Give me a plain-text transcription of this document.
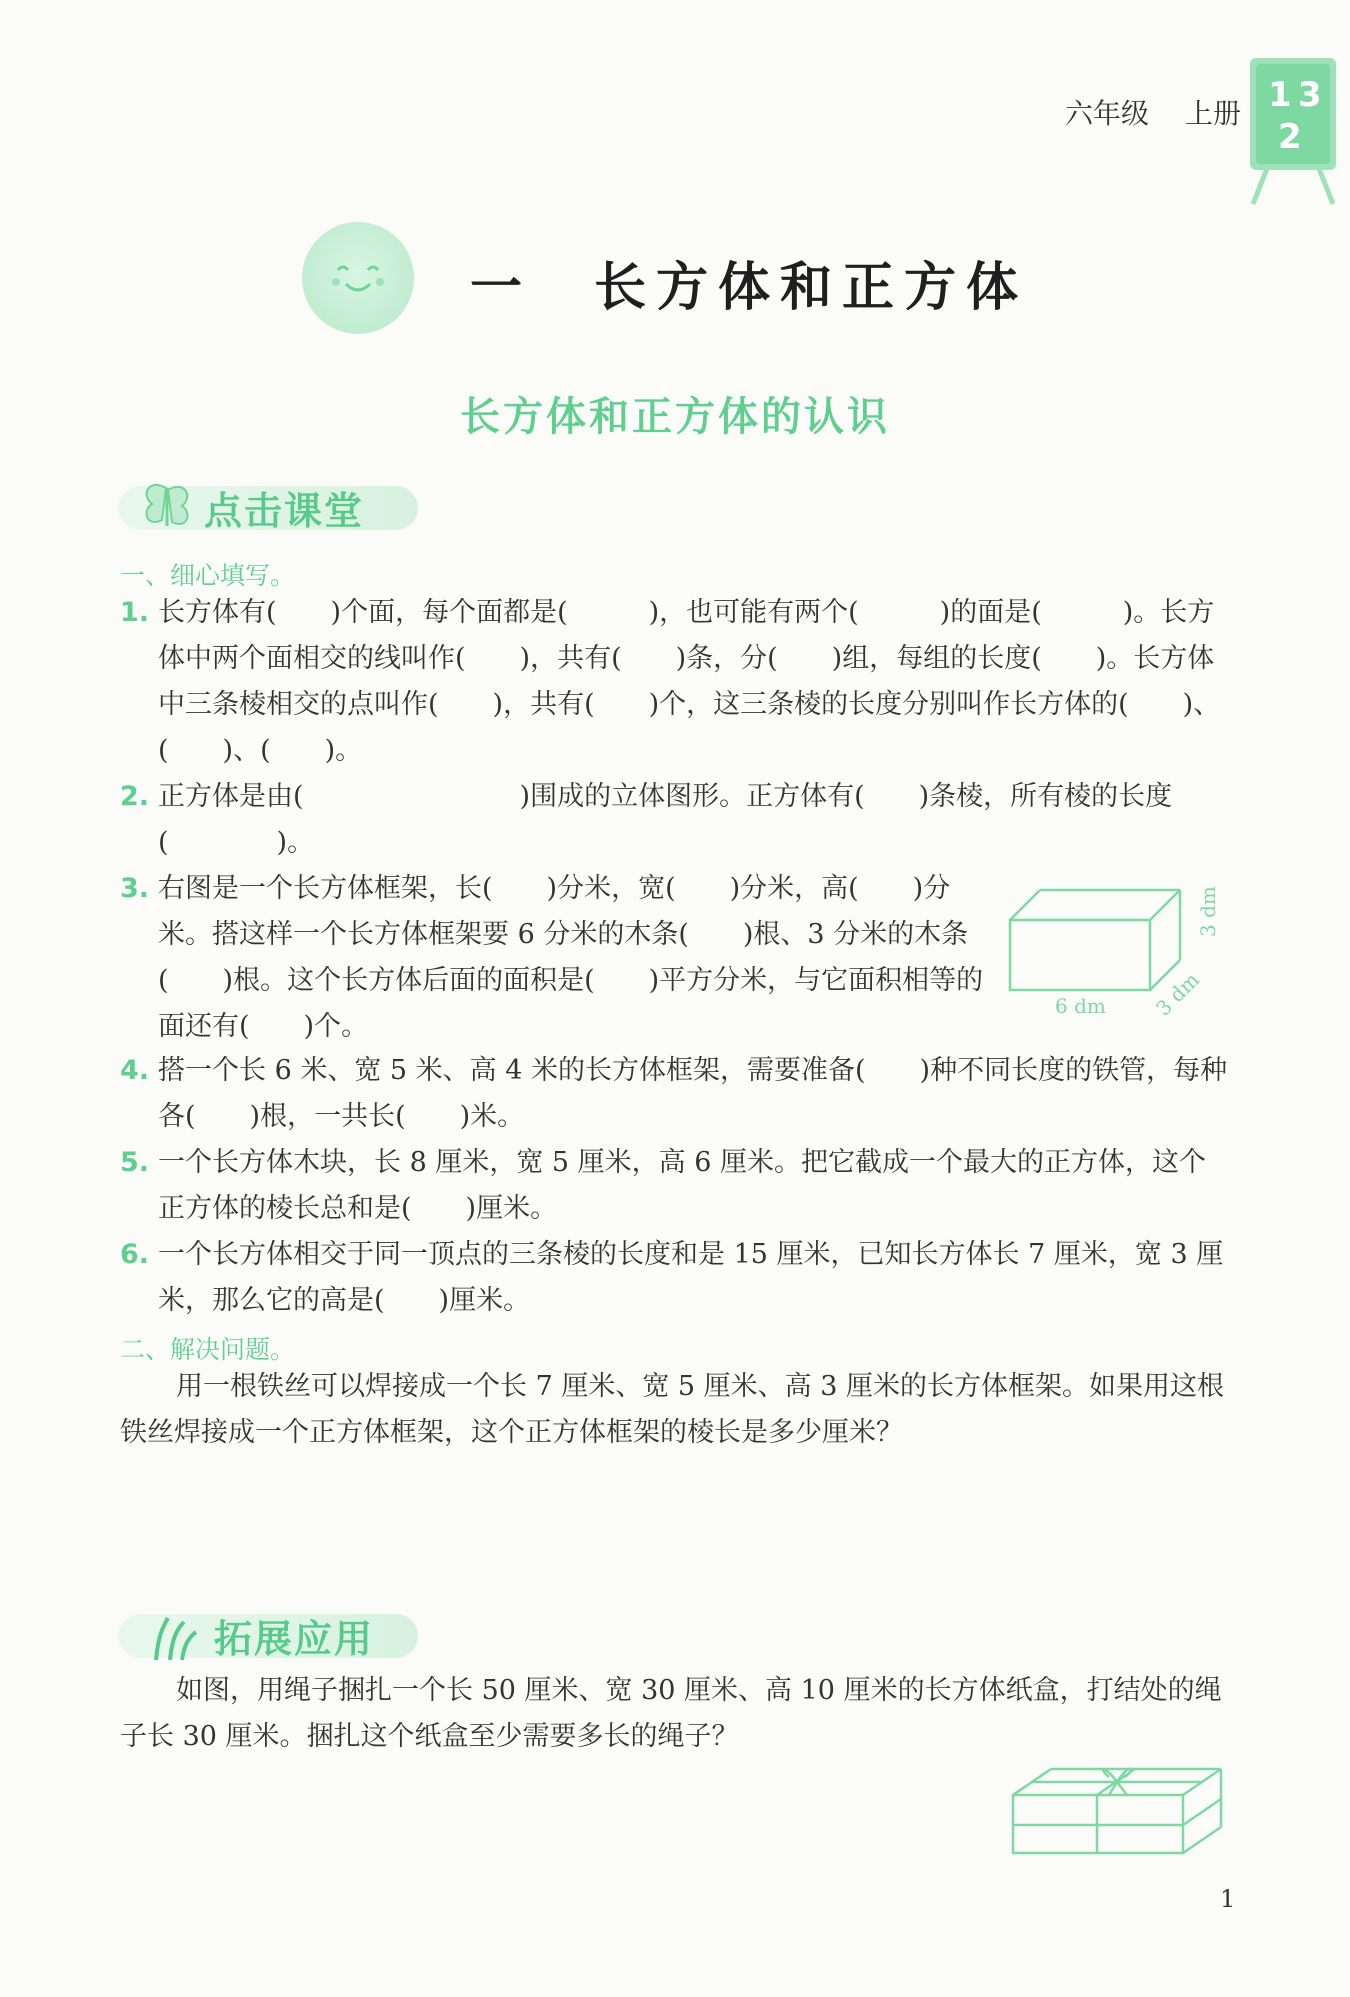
六年级 上册 1 3
2
一　长方体和正方体
长方体和正方体的认识
点击课堂
一、细心填写。
1. 长方体有(　　)个面，每个面都是(　　　)，也可能有两个(　　　)的面是(　　　)。长方体中两个面相交的线叫作(　　)，共有(　　)条，分(　　)组，每组的长度(　　)。长方体中三条棱相交的点叫作(　　)，共有(　　)个，这三条棱的长度分别叫作长方体的(　　)、(　　)、(　　)。
2. 正方体是由(　　　　　　　　)围成的立体图形。正方体有(　　)条棱，所有棱的长度(　　　　)。
3. 右图是一个长方体框架，长(　　)分米，宽(　　)分米，高(　　)分米。搭这样一个长方体框架要 6 分米的木条(　　)根、3 分米的木条(　　)根。这个长方体后面的面积是(　　)平方分米，与它面积相等的面还有(　　)个。
6 dm
3 dm
3 dm
4. 搭一个长 6 米、宽 5 米、高 4 米的长方体框架，需要准备(　　)种不同长度的铁管，每种各(　　)根，一共长(　　)米。
5. 一个长方体木块，长 8 厘米，宽 5 厘米，高 6 厘米。把它截成一个最大的正方体，这个正方体的棱长总和是(　　)厘米。
6. 一个长方体相交于同一顶点的三条棱的长度和是 15 厘米，已知长方体长 7 厘米，宽 3 厘米，那么它的高是(　　)厘米。
二、解决问题。
用一根铁丝可以焊接成一个长 7 厘米、宽 5 厘米、高 3 厘米的长方体框架。如果用这根铁丝焊接成一个正方体框架，这个正方体框架的棱长是多少厘米？
拓展应用
如图，用绳子捆扎一个长 50 厘米、宽 30 厘米、高 10 厘米的长方体纸盒，打结处的绳子长 30 厘米。捆扎这个纸盒至少需要多长的绳子？
1
